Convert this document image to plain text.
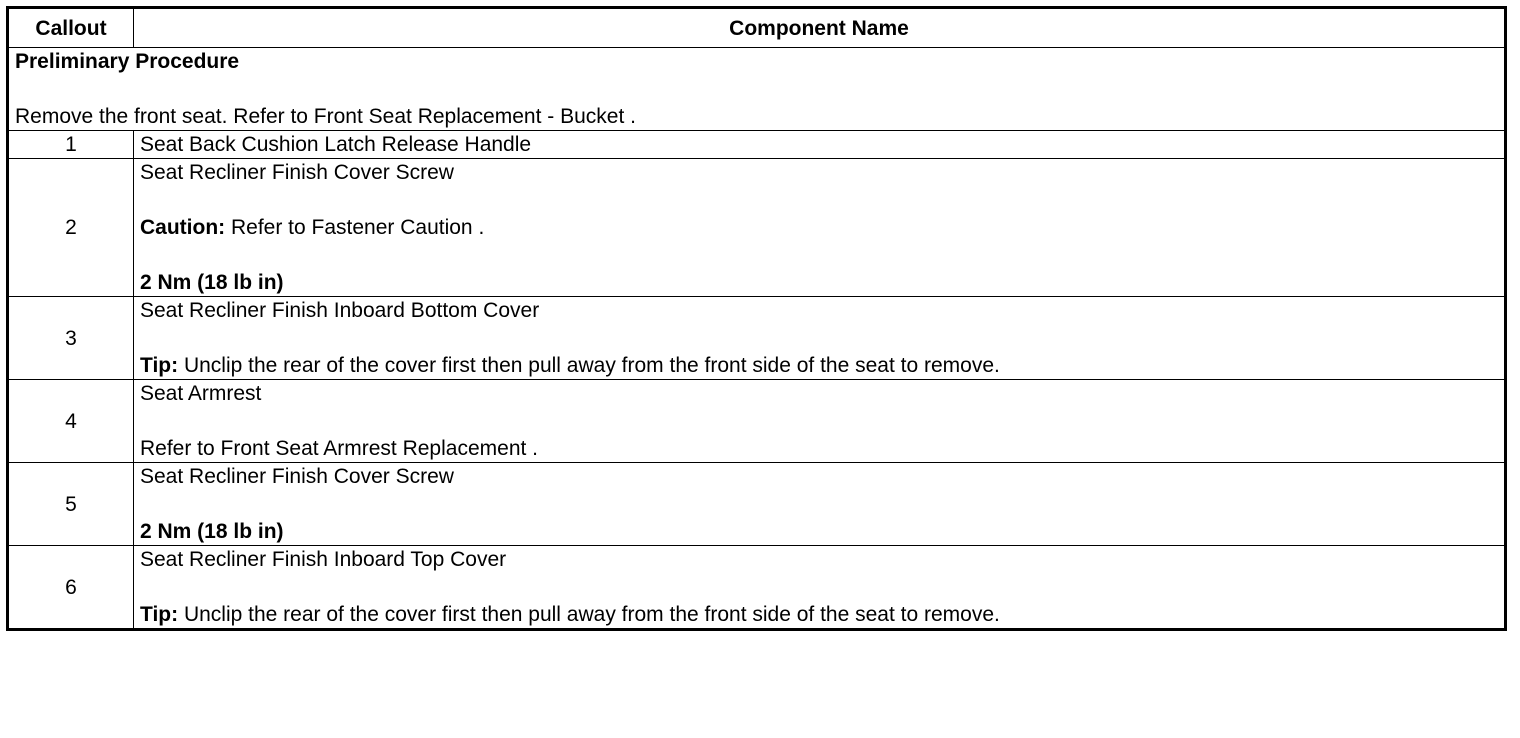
Callout	Component Name

Preliminary Procedure
Remove the front seat. Refer to Front Seat Replacement - Bucket .	

1	Seat Back Cushion Latch Release Handle

2	Seat Recliner Finish Cover Screw
Caution: Refer to Fastener Caution .
2 Nm (18 lb in)

3	Seat Recliner Finish Inboard Bottom Cover
Tip: Unclip the rear of the cover first then pull away from the front side of the seat to remove.

4	Seat Armrest
Refer to Front Seat Armrest Replacement .

5	Seat Recliner Finish Cover Screw
2 Nm (18 lb in)

6	Seat Recliner Finish Inboard Top Cover
Tip: Unclip the rear of the cover first then pull away from the front side of the seat to remove.
